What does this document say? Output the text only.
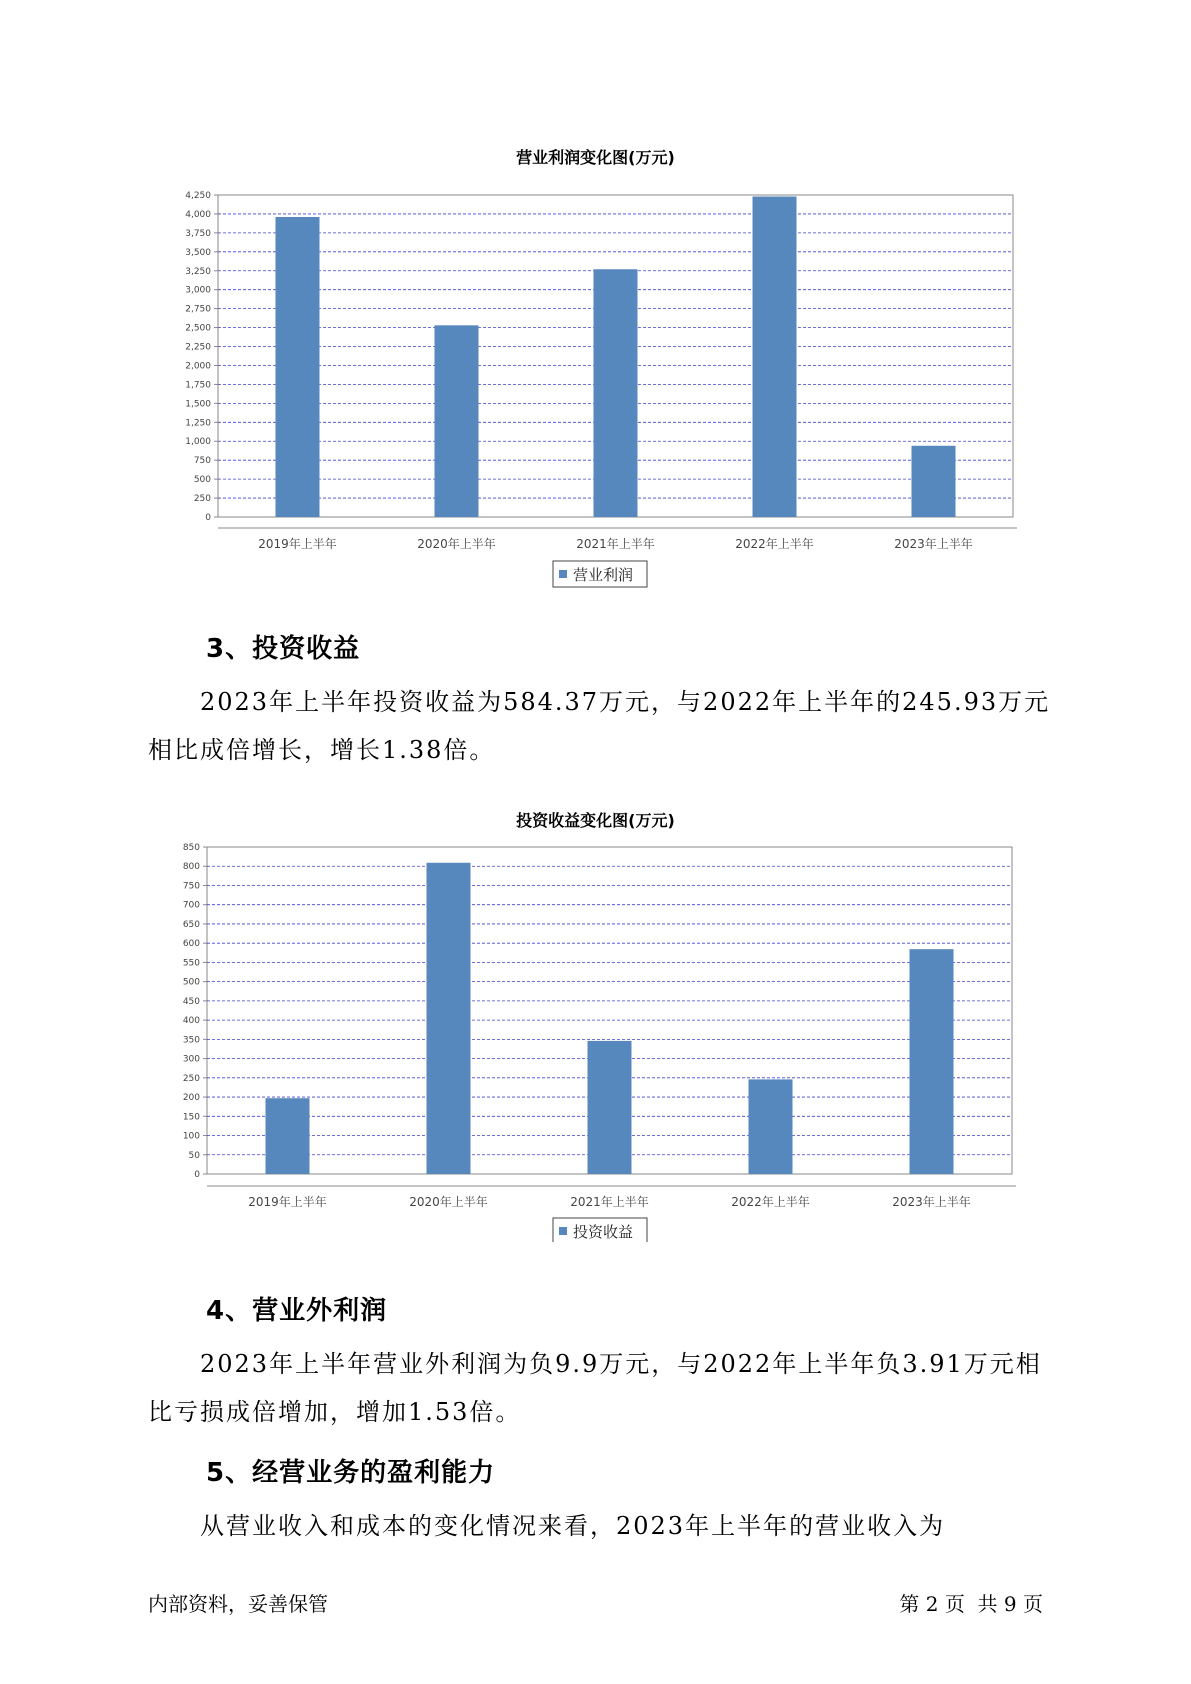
营业利润变化图(万元)
0
250
500
750
1,000
1,250
1,500
1,750
2,000
2,250
2,500
2,750
3,000
3,250
3,500
3,750
4,000
4,250
2019年上半年	2020年上半年	2021年上半年	2022年上半年	2023年上半年
营业利润
3、投资收益
2023年上半年投资收益为584.37万元，与2022年上半年的245.93万元
相比成倍增长，增长1.38倍。
投资收益变化图(万元)
0
50
100
150
200
250
300
350
400
450
500
550
600
650
700
750
800
850
2019年上半年	2020年上半年	2021年上半年	2022年上半年	2023年上半年
投资收益
4、营业外利润
2023年上半年营业外利润为负9.9万元，与2022年上半年负3.91万元相
比亏损成倍增加，增加1.53倍。
5、经营业务的盈利能力
从营业收入和成本的变化情况来看，2023年上半年的营业收入为
内部资料，妥善保管	第 2 页  共 9 页
